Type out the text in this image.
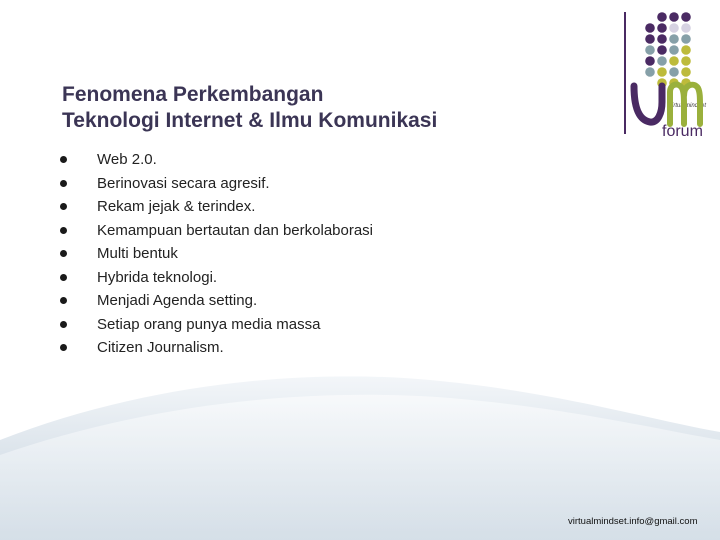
Fenomena Perkembangan
Teknologi Internet & Ilmu Komunikasi
Web 2.0.
Berinovasi secara agresif.
Rekam jejak & terindex.
Kemampuan bertautan dan berkolaborasi
Multi bentuk
Hybrida teknologi.
Menjadi Agenda setting.
Setiap orang punya media massa
Citizen Journalism.
virtualmindset
forum
virtualmindset.info@gmail.com
